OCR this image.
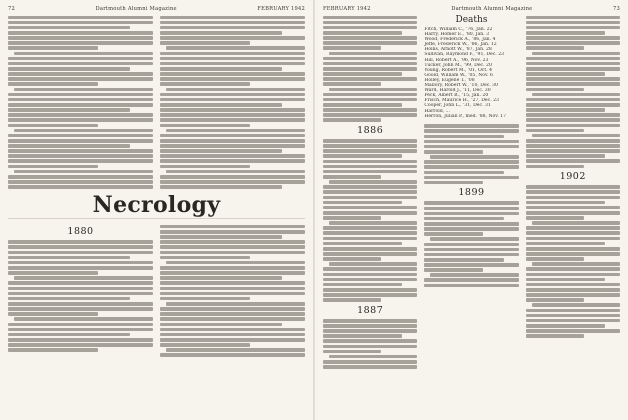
72	Dartmouth Alumni Magazine	FEBRUARY 1942
Necrology
1880
FEBRUARY 1942	Dartmouth Alumni Magazine	73
1886
1887
Deaths
Fitch, William C., '76, Jan. 22
Harry, Homer E., '80, Jan. 3
Wood, Frederick A., '86, Jan. 4
Jeffe, Frederick W., '86, Jan. 12
Hollis, Arnott W., '87, Jan. 28
Sullivan, Raymond F., '91, Dec. 23
Hill, Robert A., '96, Nov. 23
Tucker, John M., '99, Dec. 20
Young, Robert M., '01, Oct. 4
Goold, William W., '05, Nov. 6
Holley, Eugene T., '08
Mallory, Robert W., '10, Dec. 30
Ward, Harold J., '11, Dec. 30
Peck, Albert B., '15, Jan. 20
Frisch, Maurice H., '27, Dec. 23
Cooper, John L., '31, Dec. 31
Harrold, ...
Herron, Julian P., med. '88, Nov. 17
1899
1902
